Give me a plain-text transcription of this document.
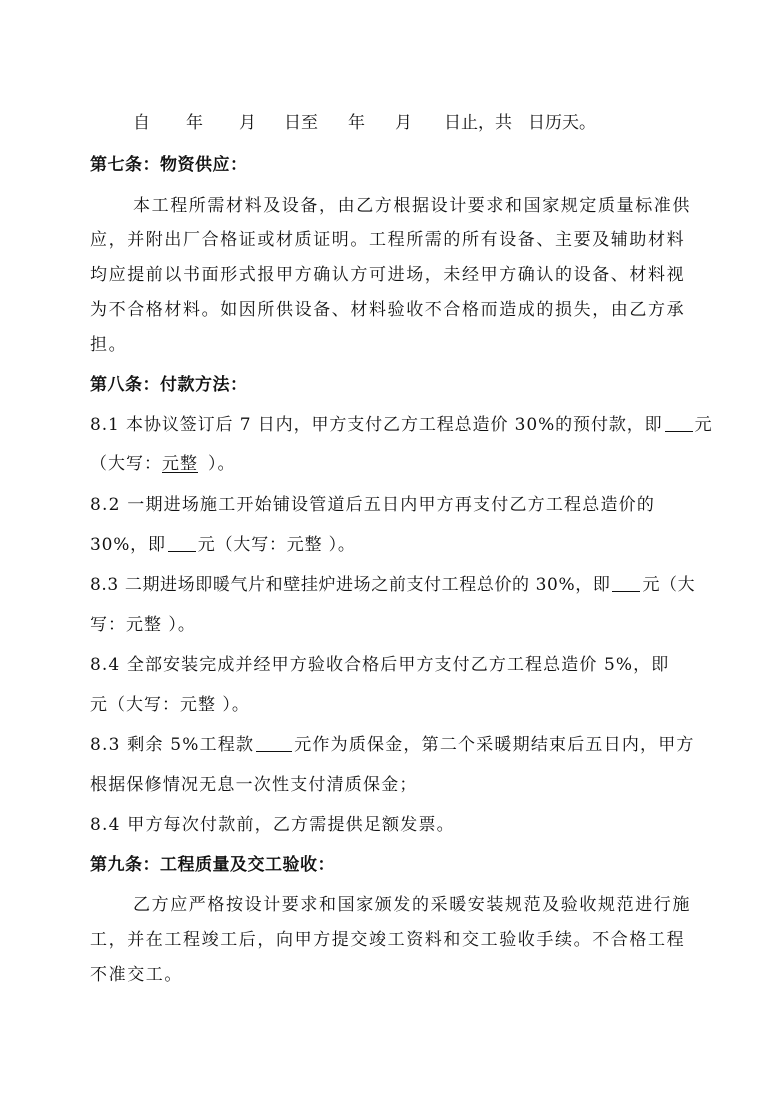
自 年 月 日至 年 月 日止，共 日历天。
第七条：物资供应：
本工程所需材料及设备，由乙方根据设计要求和国家规定质量标准供
应，并附出厂合格证或材质证明。工程所需的所有设备、主要及辅助材料
均应提前以书面形式报甲方确认方可进场，未经甲方确认的设备、材料视
为不合格材料。如因所供设备、材料验收不合格而造成的损失，由乙方承
担。
第八条：付款方法：
8.1 本协议签订后 7 日内，甲方支付乙方工程总造价 30%的预付款，即 元
（大写：元整 ）。
8.2 一期进场施工开始铺设管道后五日内甲方再支付乙方工程总造价的
30%，即 元（大写：元整 ）。
8.3 二期进场即暖气片和壁挂炉进场之前支付工程总价的 30%，即 元（大
写：元整 ）。
8.4 全部安装完成并经甲方验收合格后甲方支付乙方工程总造价 5%，即
元（大写：元整 ）。
8.3 剩余 5%工程款 元作为质保金，第二个采暖期结束后五日内，甲方
根据保修情况无息一次性支付清质保金；
8.4 甲方每次付款前，乙方需提供足额发票。
第九条：工程质量及交工验收：
乙方应严格按设计要求和国家颁发的采暖安装规范及验收规范进行施
工，并在工程竣工后，向甲方提交竣工资料和交工验收手续。不合格工程
不准交工。
